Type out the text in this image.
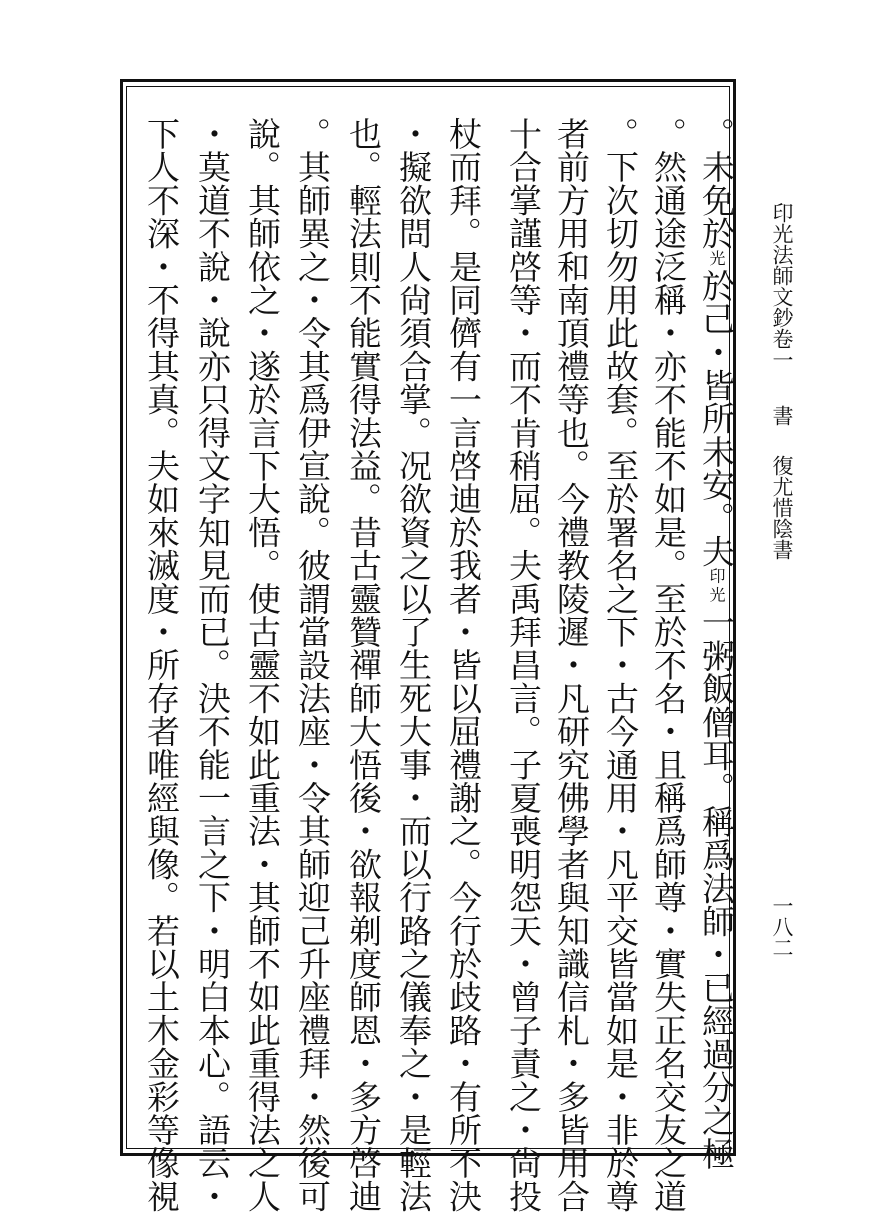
印光法師文鈔卷一
書
復尤惜陰書
一八二
。未免於光於己・皆所未安。夫印光一粥飯僧耳。稱爲法師・已經過分之極
。然通途泛稱・亦不能不如是。至於不名・且稱爲師尊・實失正名交友之道
。下次切勿用此故套。至於署名之下・古今通用・凡平交皆當如是・非於尊
者前方用和南頂禮等也。今禮教陵遲・凡研究佛學者與知識信札・多皆用合
十合掌謹啓等・而不肯稍屈。夫禹拜昌言。子夏喪明怨天・曾子責之・尙投
杖而拜。是同儕有一言啓迪於我者・皆以屈禮謝之。今行於歧路・有所不決
・擬欲問人尙須合掌。况欲資之以了生死大事・而以行路之儀奉之・是輕法
也。輕法則不能實得法益。昔古靈贊禪師大悟後・欲報剃度師恩・多方啓迪
。其師異之・令其爲伊宣說。彼謂當設法座・令其師迎己升座禮拜・然後可
說。其師依之・遂於言下大悟。使古靈不如此重法・其師不如此重得法之人
・莫道不說・說亦只得文字知見而已。決不能一言之下・明白本心。語云・
下人不深・不得其真。夫如來滅度・所存者唯經與像。若以土木金彩等像視
